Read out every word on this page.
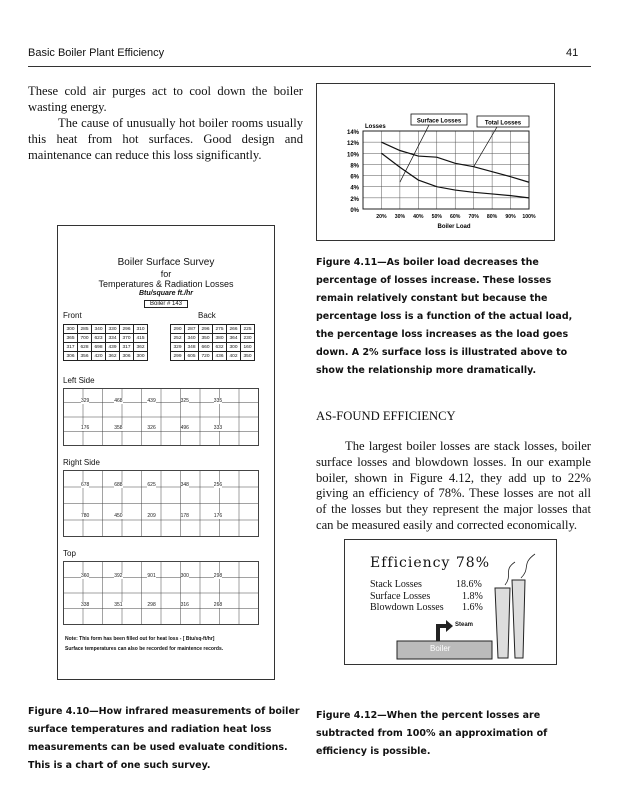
Basic Boiler Plant Efficiency	41
These cold air purges act to cool down the boiler wasting energy.
The cause of unusually hot boiler rooms usually this heat from hot surfaces. Good design and maintenance can reduce this loss significantly.
Boiler Surface Survey
for
Temperatures & Radiation Losses
Btu/square ft./hr
Boiler # 143
Front	Back
300	285	340	330	296	310
365	700	623	334	370	415
317	628	698	439	317	362
306	356	420	362	306	300
290	287	296	275	266	225
252	340	350	380	364	230
329	348	660	632	300	160
299	605	720	436	402	350
Left Side
329	468	439	325	335
176	358	326	496	333
Right Side
678	688	625	348	256
780	450	209	178	176
Top
360	392	901	300	298
338	351	298	316	268
Note: This form has been filled out for heat loss - [ Btu/sq-ft/hr]
Surface temperatures can also be recorded for maintence records.
Figure 4.10—How infrared measurements of boiler surface temperatures and radiation heat loss measurements can be used evaluate conditions. This is a chart of one such survey.
14%
12%
10%
8%
6%
4%
2%
0%
20% 30% 40% 50% 60% 70% 80% 90% 100%
Boiler Load
Losses
Surface Losses	Total Losses
Figure 4.11—As boiler load decreases the percentage of losses increase. These losses remain relatively constant but because the percentage loss is a function of the actual load, the percentage loss increases as the load goes down. A 2% surface loss is illustrated above to show the relationship more dramatically.
AS-FOUND EFFICIENCY
The largest boiler losses are stack losses, boiler surface losses and blowdown losses. In our example boiler, shown in Figure 4.12, they add up to 22% giving an efficiency of 78%. These losses are not all of the losses but they represent the major losses that can be measured easily and corrected economically.
Efficiency 78%
Stack Losses	18.6%
Surface Losses	1.8%
Blowdown Losses 1.6%
Steam
Boiler
Figure 4.12—When the percent losses are subtracted from 100% an approximation of efficiency is possible.
